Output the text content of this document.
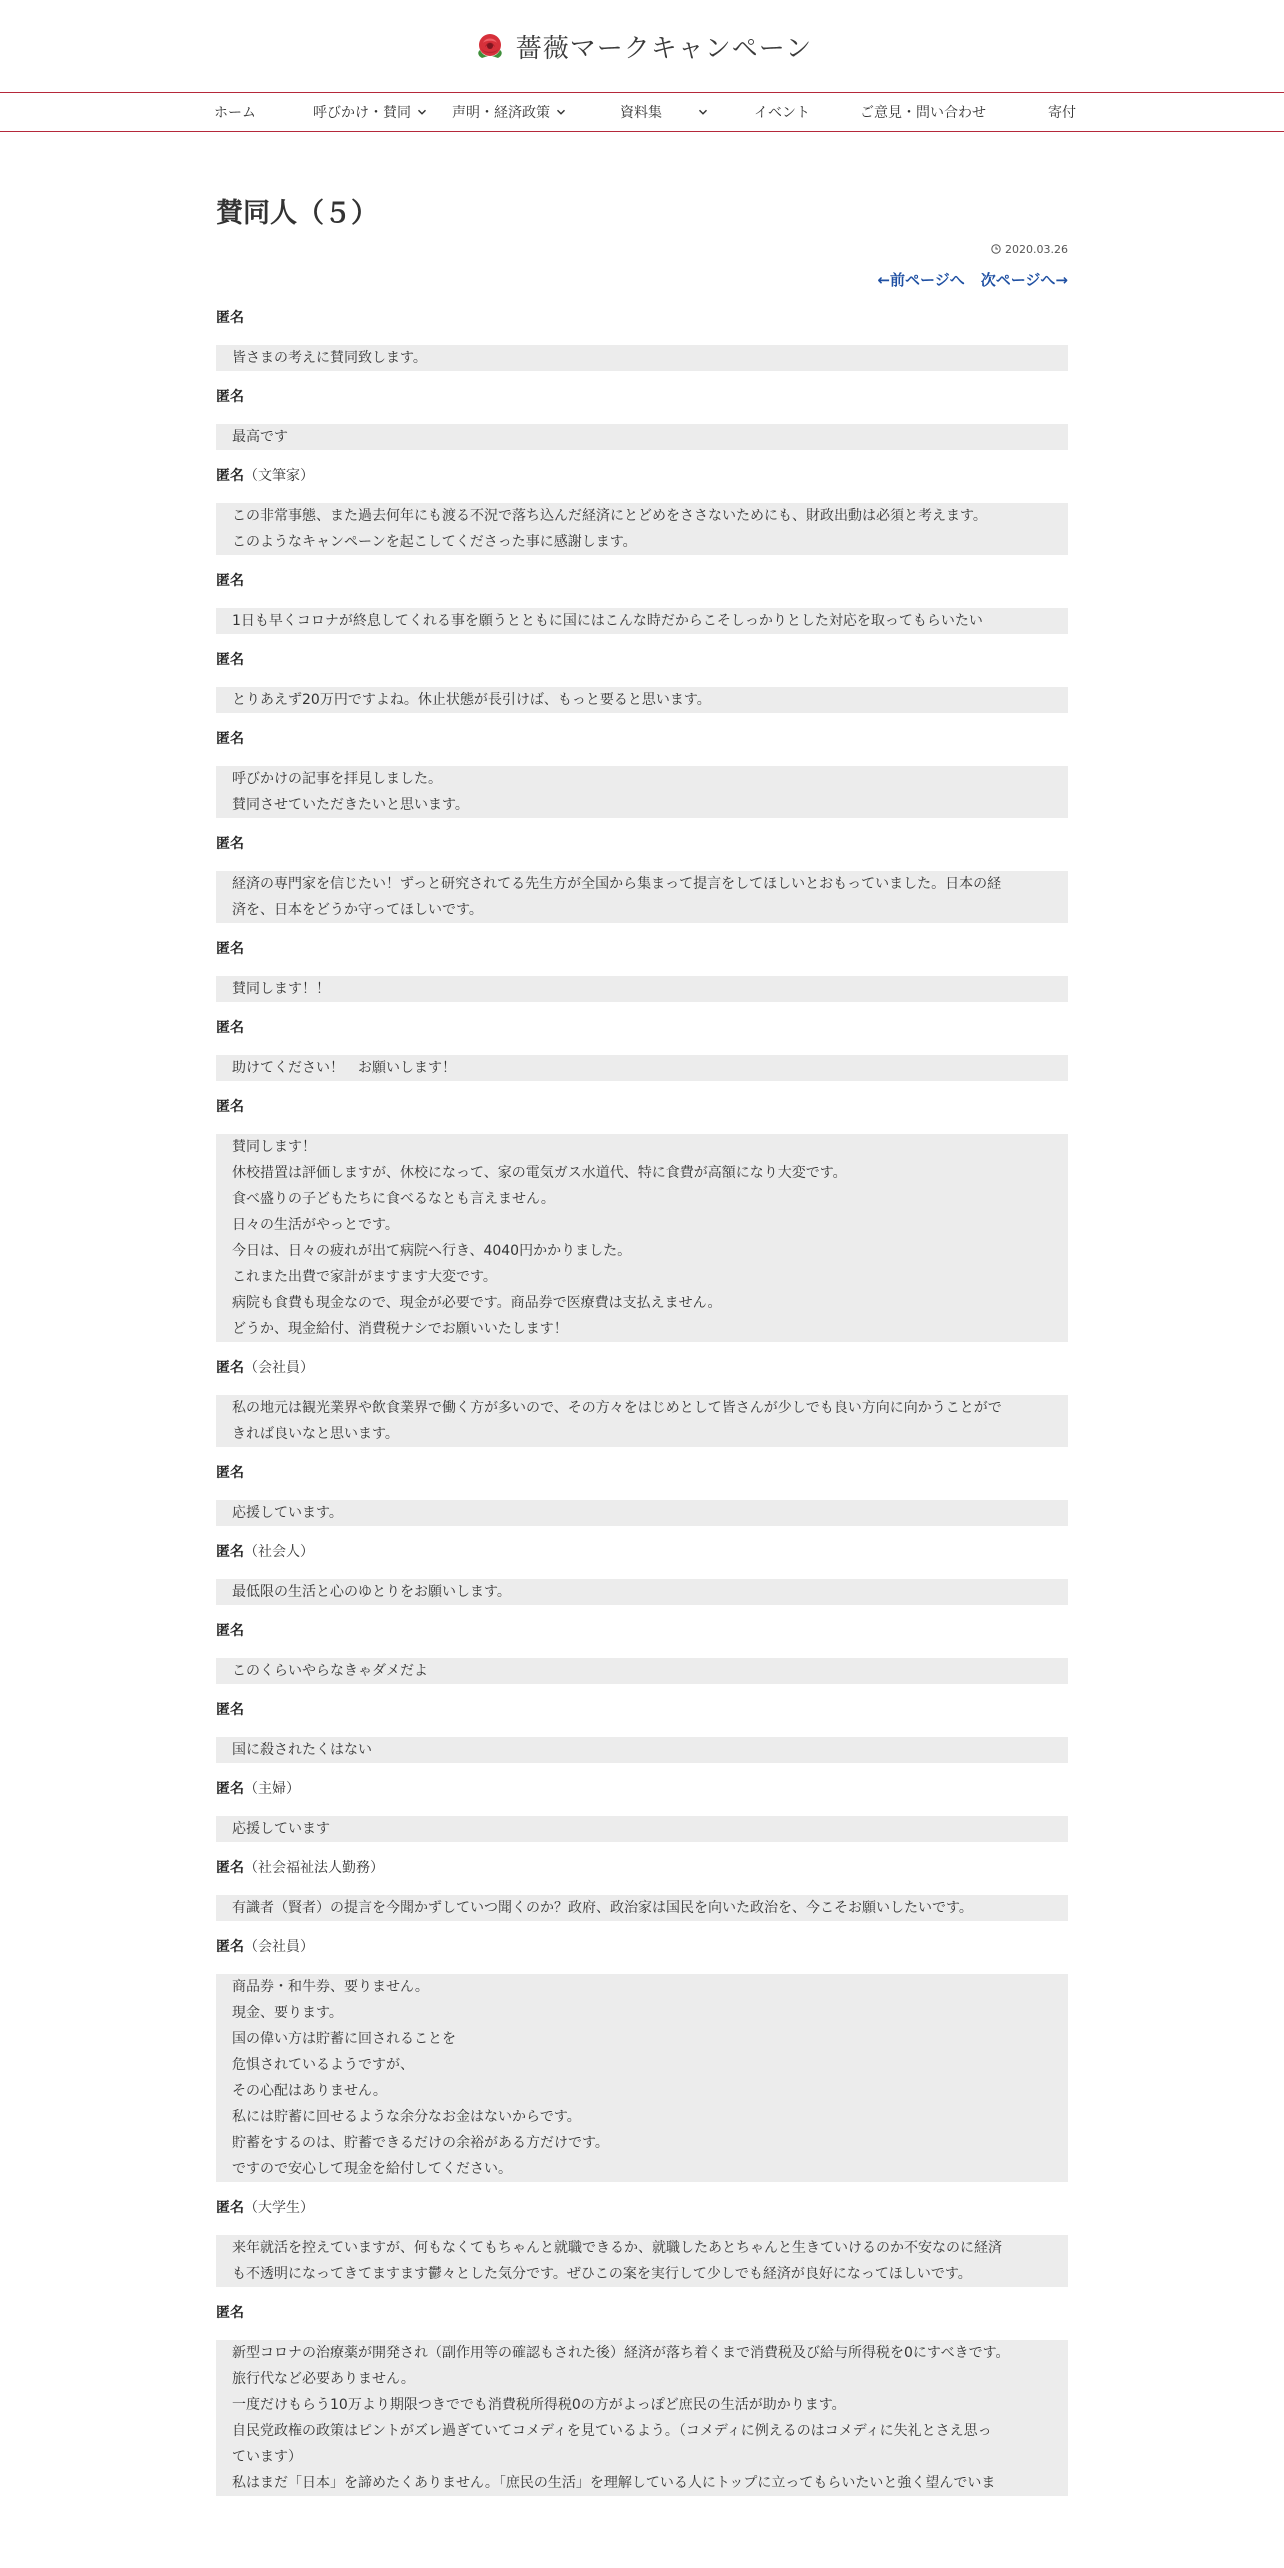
薔薇マークキャンペーン
ホーム	呼びかけ・賛同	声明・経済政策	資料集	イベント	ご意見・問い合わせ	寄付
賛同人（５）
2020.03.26
←前ページへ 次ページへ→
匿名

皆さまの考えに賛同致します。

匿名

最高です

匿名（文筆家）

この非常事態、また過去何年にも渡る不況で落ち込んだ経済にとどめをささないためにも、財政出動は必須と考えます。

このようなキャンペーンを起こしてくださった事に感謝します。

匿名

1日も早くコロナが終息してくれる事を願うとともに国にはこんな時だからこそしっかりとした対応を取ってもらいたい

匿名

とりあえず20万円ですよね。休止状態が長引けば、もっと要ると思います。

匿名

呼びかけの記事を拝見しました。

賛同させていただきたいと思います。

匿名

経済の専門家を信じたい！ずっと研究されてる先生方が全国から集まって提言をしてほしいとおもっていました。日本の経

済を、日本をどうか守ってほしいです。

匿名

賛同します！！

匿名

助けてください！　お願いします！

匿名

賛同します！

休校措置は評価しますが、休校になって、家の電気ガス水道代、特に食費が高額になり大変です。

食べ盛りの子どもたちに食べるなとも言えません。

日々の生活がやっとです。

今日は、日々の疲れが出て病院へ行き、4040円かかりました。

これまた出費で家計がますます大変です。

病院も食費も現金なので、現金が必要です。商品券で医療費は支払えません。

どうか、現金給付、消費税ナシでお願いいたします！

匿名（会社員）

私の地元は観光業界や飲食業界で働く方が多いので、その方々をはじめとして皆さんが少しでも良い方向に向かうことがで

きれば良いなと思います。

匿名

応援しています。

匿名（社会人）

最低限の生活と心のゆとりをお願いします。

匿名

このくらいやらなきゃダメだよ

匿名

国に殺されたくはない

匿名（主婦）

応援しています

匿名（社会福祉法人勤務）

有識者（賢者）の提言を今聞かずしていつ聞くのか？政府、政治家は国民を向いた政治を、今こそお願いしたいです。

匿名（会社員）

商品券・和牛券、要りません。

現金、要ります。

国の偉い方は貯蓄に回されることを

危惧されているようですが、

その心配はありません。

私には貯蓄に回せるような余分なお金はないからです。

貯蓄をするのは、貯蓄できるだけの余裕がある方だけです。

ですので安心して現金を給付してください。

匿名（大学生）

来年就活を控えていますが、何もなくてもちゃんと就職できるか、就職したあとちゃんと生きていけるのか不安なのに経済

も不透明になってきてますます鬱々とした気分です。ぜひこの案を実行して少しでも経済が良好になってほしいです。

匿名

新型コロナの治療薬が開発され（副作用等の確認もされた後）経済が落ち着くまで消費税及び給与所得税を0にすべきです。

旅行代など必要ありません。

一度だけもらう10万より期限つきででも消費税所得税0の方がよっぽど庶民の生活が助かります。

自民党政権の政策はピントがズレ過ぎていてコメディを見ているよう。（コメディに例えるのはコメディに失礼とさえ思っ

ています）

私はまだ「日本」を諦めたくありません。「庶民の生活」を理解している人にトップに立ってもらいたいと強く望んでいま
